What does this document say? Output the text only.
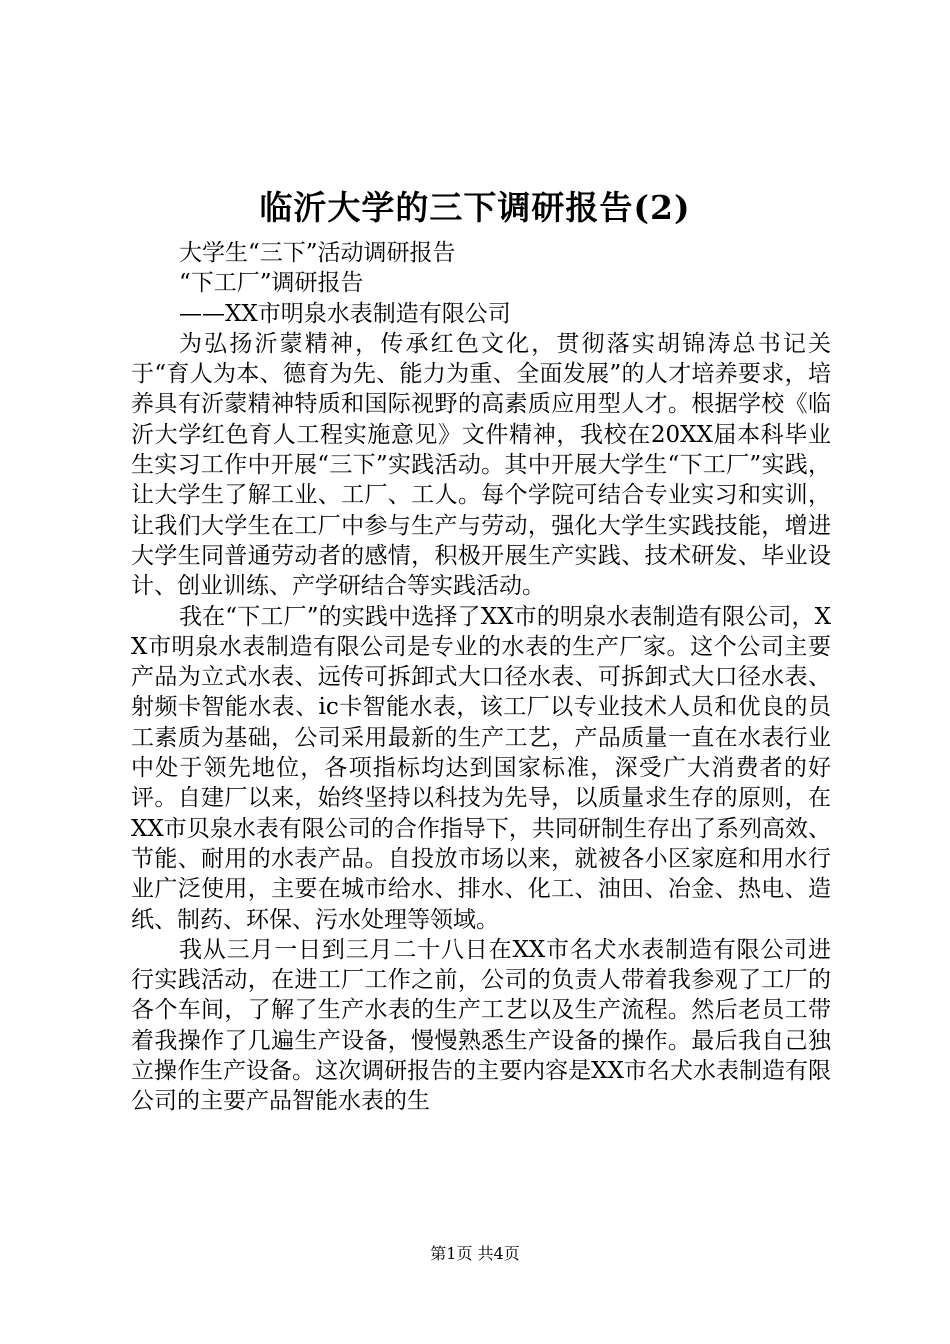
临沂大学的三下调研报告(2)

大学生“三下”活动调研报告

“下工厂”调研报告

——XX市明泉水表制造有限公司

为弘扬沂蒙精神，传承红色文化，贯彻落实胡锦涛总书记关于“育人为本、德育为先、能力为重、全面发展”的人才培养要求，培养具有沂蒙精神特质和国际视野的高素质应用型人才。根据学校《临沂大学红色育人工程实施意见》文件精神，我校在20XX届本科毕业生实习工作中开展“三下”实践活动。其中开展大学生“下工厂”实践，让大学生了解工业、工厂、工人。每个学院可结合专业实习和实训，让我们大学生在工厂中参与生产与劳动，强化大学生实践技能，增进大学生同普通劳动者的感情，积极开展生产实践、技术研发、毕业设计、创业训练、产学研结合等实践活动。

我在“下工厂”的实践中选择了XX市的明泉水表制造有限公司，XX市明泉水表制造有限公司是专业的水表的生产厂家。这个公司主要产品为立式水表、远传可拆卸式大口径水表、可拆卸式大口径水表、射频卡智能水表、ic卡智能水表，该工厂以专业技术人员和优良的员工素质为基础，公司采用最新的生产工艺，产品质量一直在水表行业中处于领先地位，各项指标均达到国家标准，深受广大消费者的好评。自建厂以来，始终坚持以科技为先导，以质量求生存的原则，在XX市贝泉水表有限公司的合作指导下，共同研制生存出了系列高效、节能、耐用的水表产品。自投放市场以来，就被各小区家庭和用水行业广泛使用，主要在城市给水、排水、化工、油田、冶金、热电、造纸、制药、环保、污水处理等领域。

我从三月一日到三月二十八日在XX市名犬水表制造有限公司进行实践活动，在进工厂工作之前，公司的负责人带着我参观了工厂的各个车间，了解了生产水表的生产工艺以及生产流程。然后老员工带着我操作了几遍生产设备，慢慢熟悉生产设备的操作。最后我自己独立操作生产设备。这次调研报告的主要内容是XX市名犬水表制造有限公司的主要产品智能水表的生

第1页 共4页
